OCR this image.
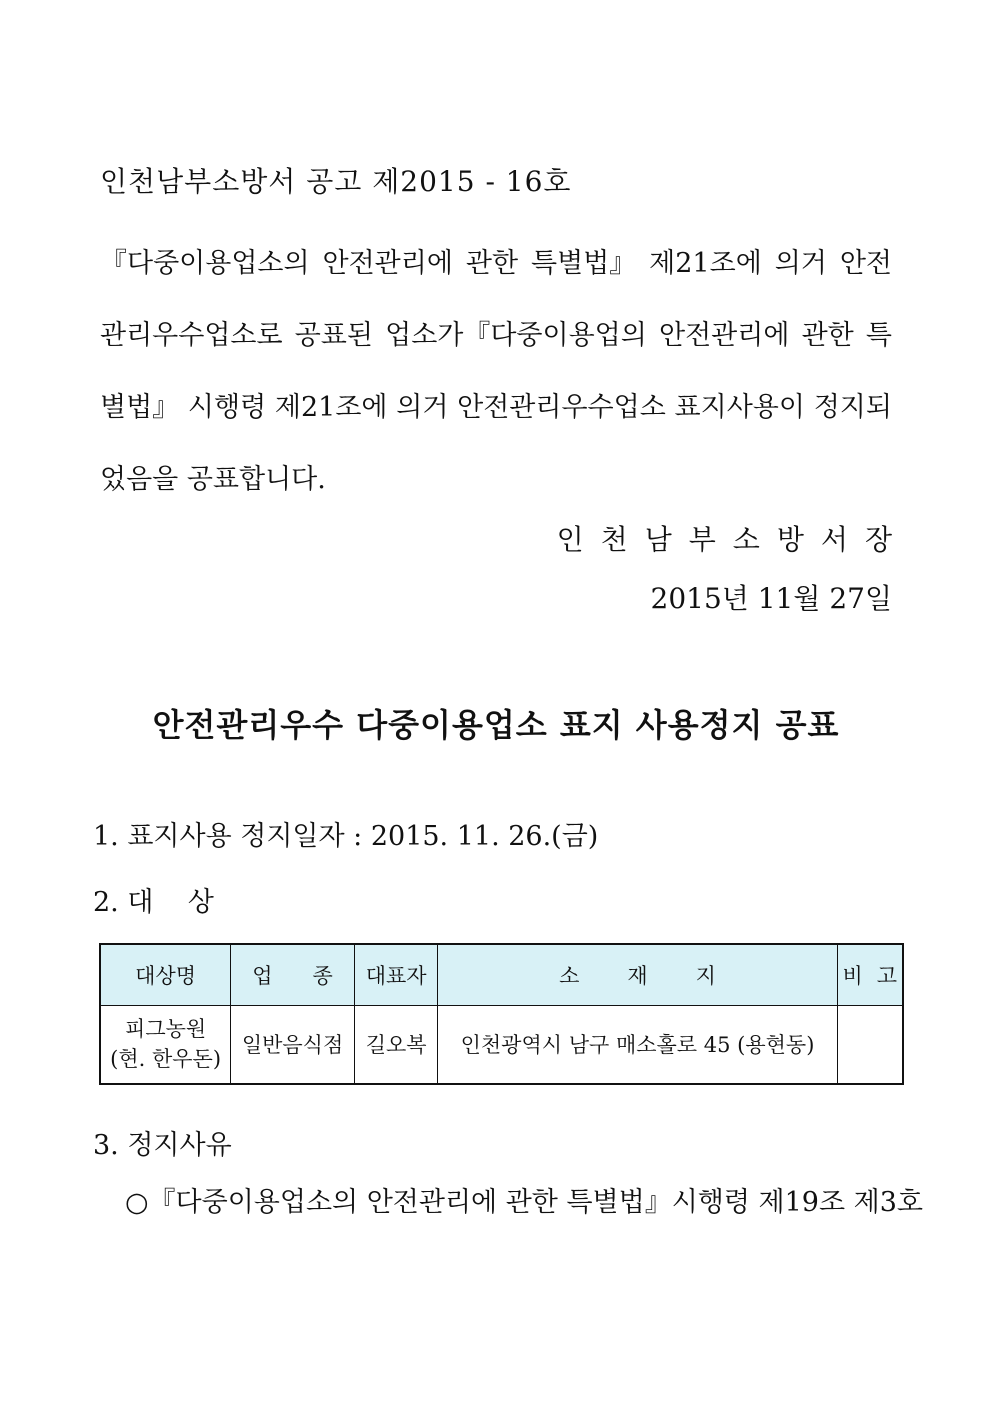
인천남부소방서 공고 제2015 - 16호
『다중이용업소의 안전관리에 관한 특별법』 제21조에 의거 안전
관리우수업소로 공표된 업소가『다중이용업의 안전관리에 관한 특
별법』 시행령 제21조에 의거 안전관리우수업소 표지사용이 정지되
었음을 공표합니다.
인천남부소방서장
2015년 11월 27일
안전관리우수 다중이용업소 표지 사용정지 공표
1. 표지사용 정지일자 : 2015. 11. 26.(금)
2. 대    상
대상명	업종	대표자	소재지	비고

피그농원
(현. 한우돈)	일반음식점	길오복	인천광역시 남구 매소홀로 45 (용현동)	
3. 정지사유
○『다중이용업소의 안전관리에 관한 특별법』시행령 제19조 제3호
